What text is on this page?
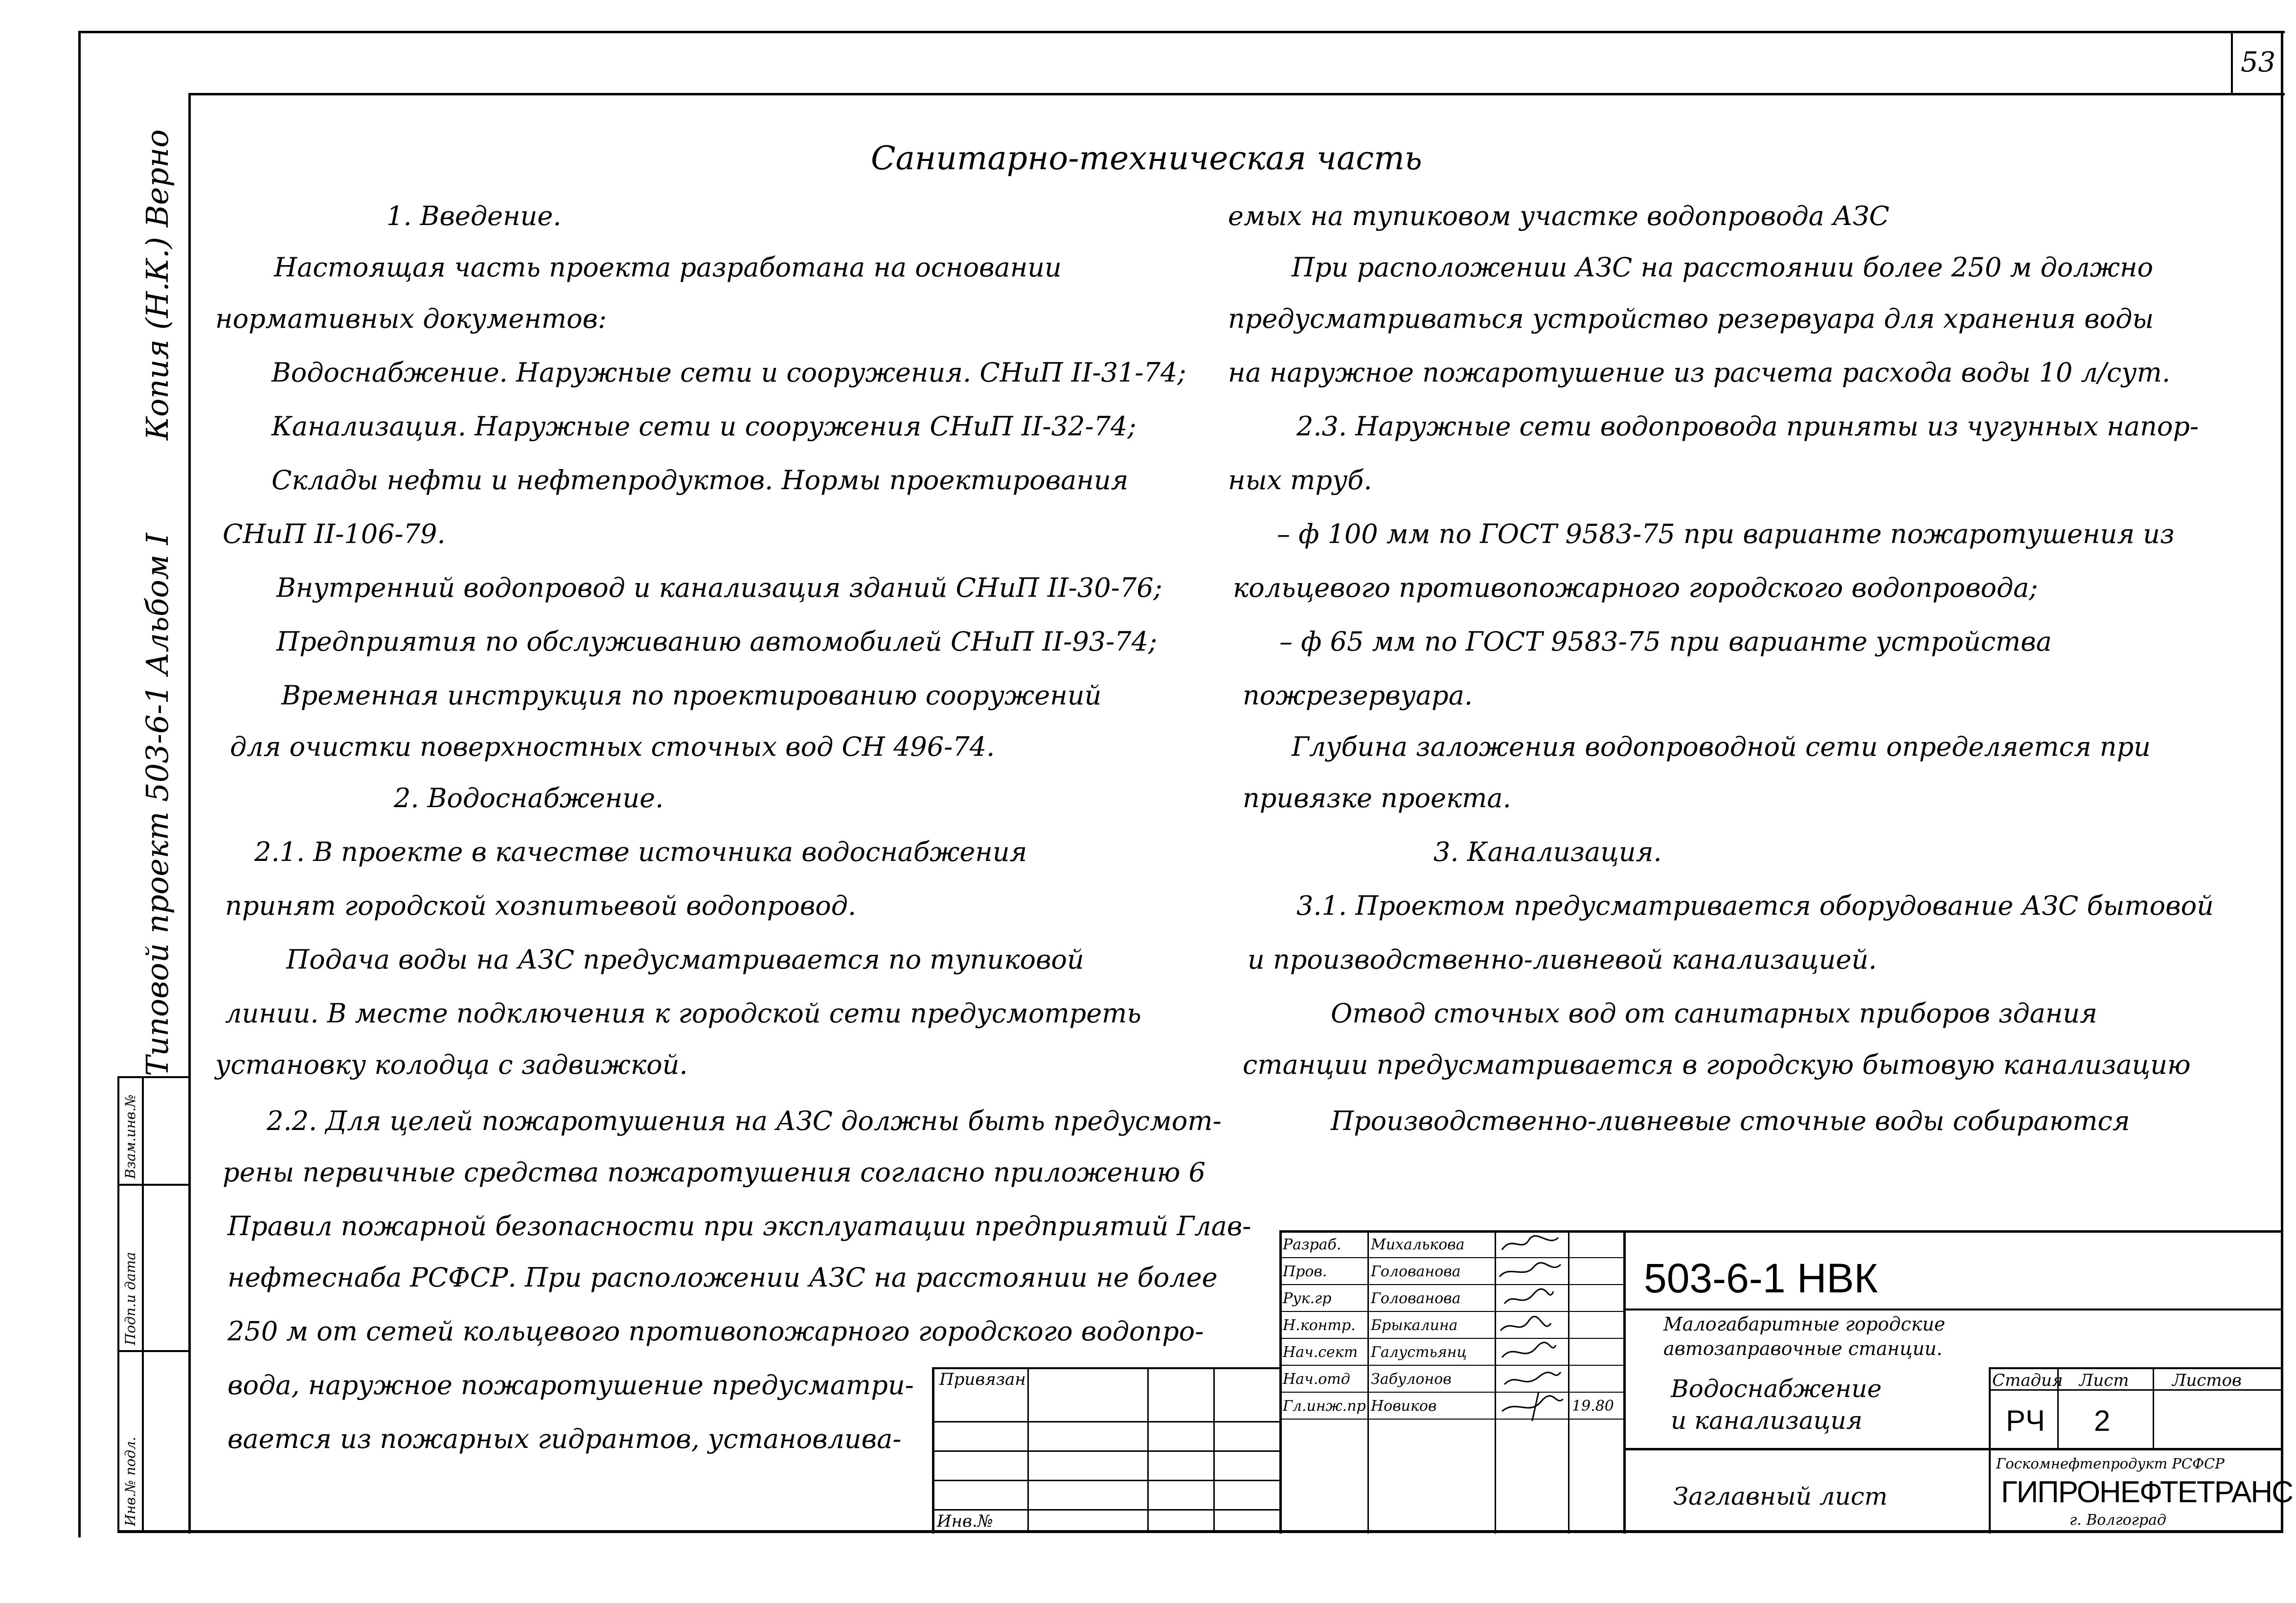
53
Типовой проект 503-6-1 Альбом I
Копия (Н.К.) Верно
Инв.№ подл.
Подп.и дата
Взам.инв.№
Санитарно-техническая часть
1. Введение.
Настоящая часть проекта разработана на основании
нормативных документов:
Водоснабжение. Наружные сети и сооружения. СНиП II-31-74;
Канализация. Наружные сети и сооружения СНиП II-32-74;
Склады нефти и нефтепродуктов. Нормы проектирования
СНиП II-106-79.
Внутренний водопровод и канализация зданий СНиП II-30-76;
Предприятия по обслуживанию автомобилей СНиП II-93-74;
Временная инструкция по проектированию сооружений
для очистки поверхностных сточных вод СН 496-74.
2. Водоснабжение.
2.1. В проекте в качестве источника водоснабжения
принят городской хозпитьевой водопровод.
Подача воды на АЗС предусматривается по тупиковой
линии. В месте подключения к городской сети предусмотреть
установку колодца с задвижкой.
2.2. Для целей пожаротушения на АЗС должны быть предусмот-
рены первичные средства пожаротушения согласно приложению 6
Правил пожарной безопасности при эксплуатации предприятий Глав-
нефтеснаба РСФСР. При расположении АЗС на расстоянии не более
250 м от сетей кольцевого противопожарного городского водопро-
вода, наружное пожаротушение предусматри-
вается из пожарных гидрантов, установлива-
емых на тупиковом участке водопровода АЗС
При расположении АЗС на расстоянии более 250 м должно
предусматриваться устройство резервуара для хранения воды
на наружное пожаротушение из расчета расхода воды 10 л/сут.
2.3. Наружные сети водопровода приняты из чугунных напор-
ных труб.
– ф 100 мм по ГОСТ 9583-75 при варианте пожаротушения из
кольцевого противопожарного городского водопровода;
– ф 65 мм по ГОСТ 9583-75 при варианте устройства
пожрезервуара.
Глубина заложения водопроводной сети определяется при
привязке проекта.
3. Канализация.
3.1. Проектом предусматривается оборудование АЗС бытовой
и производственно-ливневой канализацией.
Отвод сточных вод от санитарных приборов здания
станции предусматривается в городскую бытовую канализацию
Производственно-ливневые сточные воды собираются
Привязан
Инв.№
Разраб. Михалькова
Пров.	Голованова
Рук.гр	Голованова
Н.контр. Брыкалина
Нач.сект Галустьянц
Нач.отд Забулонов
Гл.инж.пр Новиков	19.80
503-6-1 НВК
Малогабаритные городские
автозаправочные станции.
Водоснабжение
и канализация
Заглавный лист
Стадия Лист	Листов
РЧ 2
Госкомнефтепродукт РСФСР
ГИПРОНЕФТЕТРАНС
г. Волгоград
